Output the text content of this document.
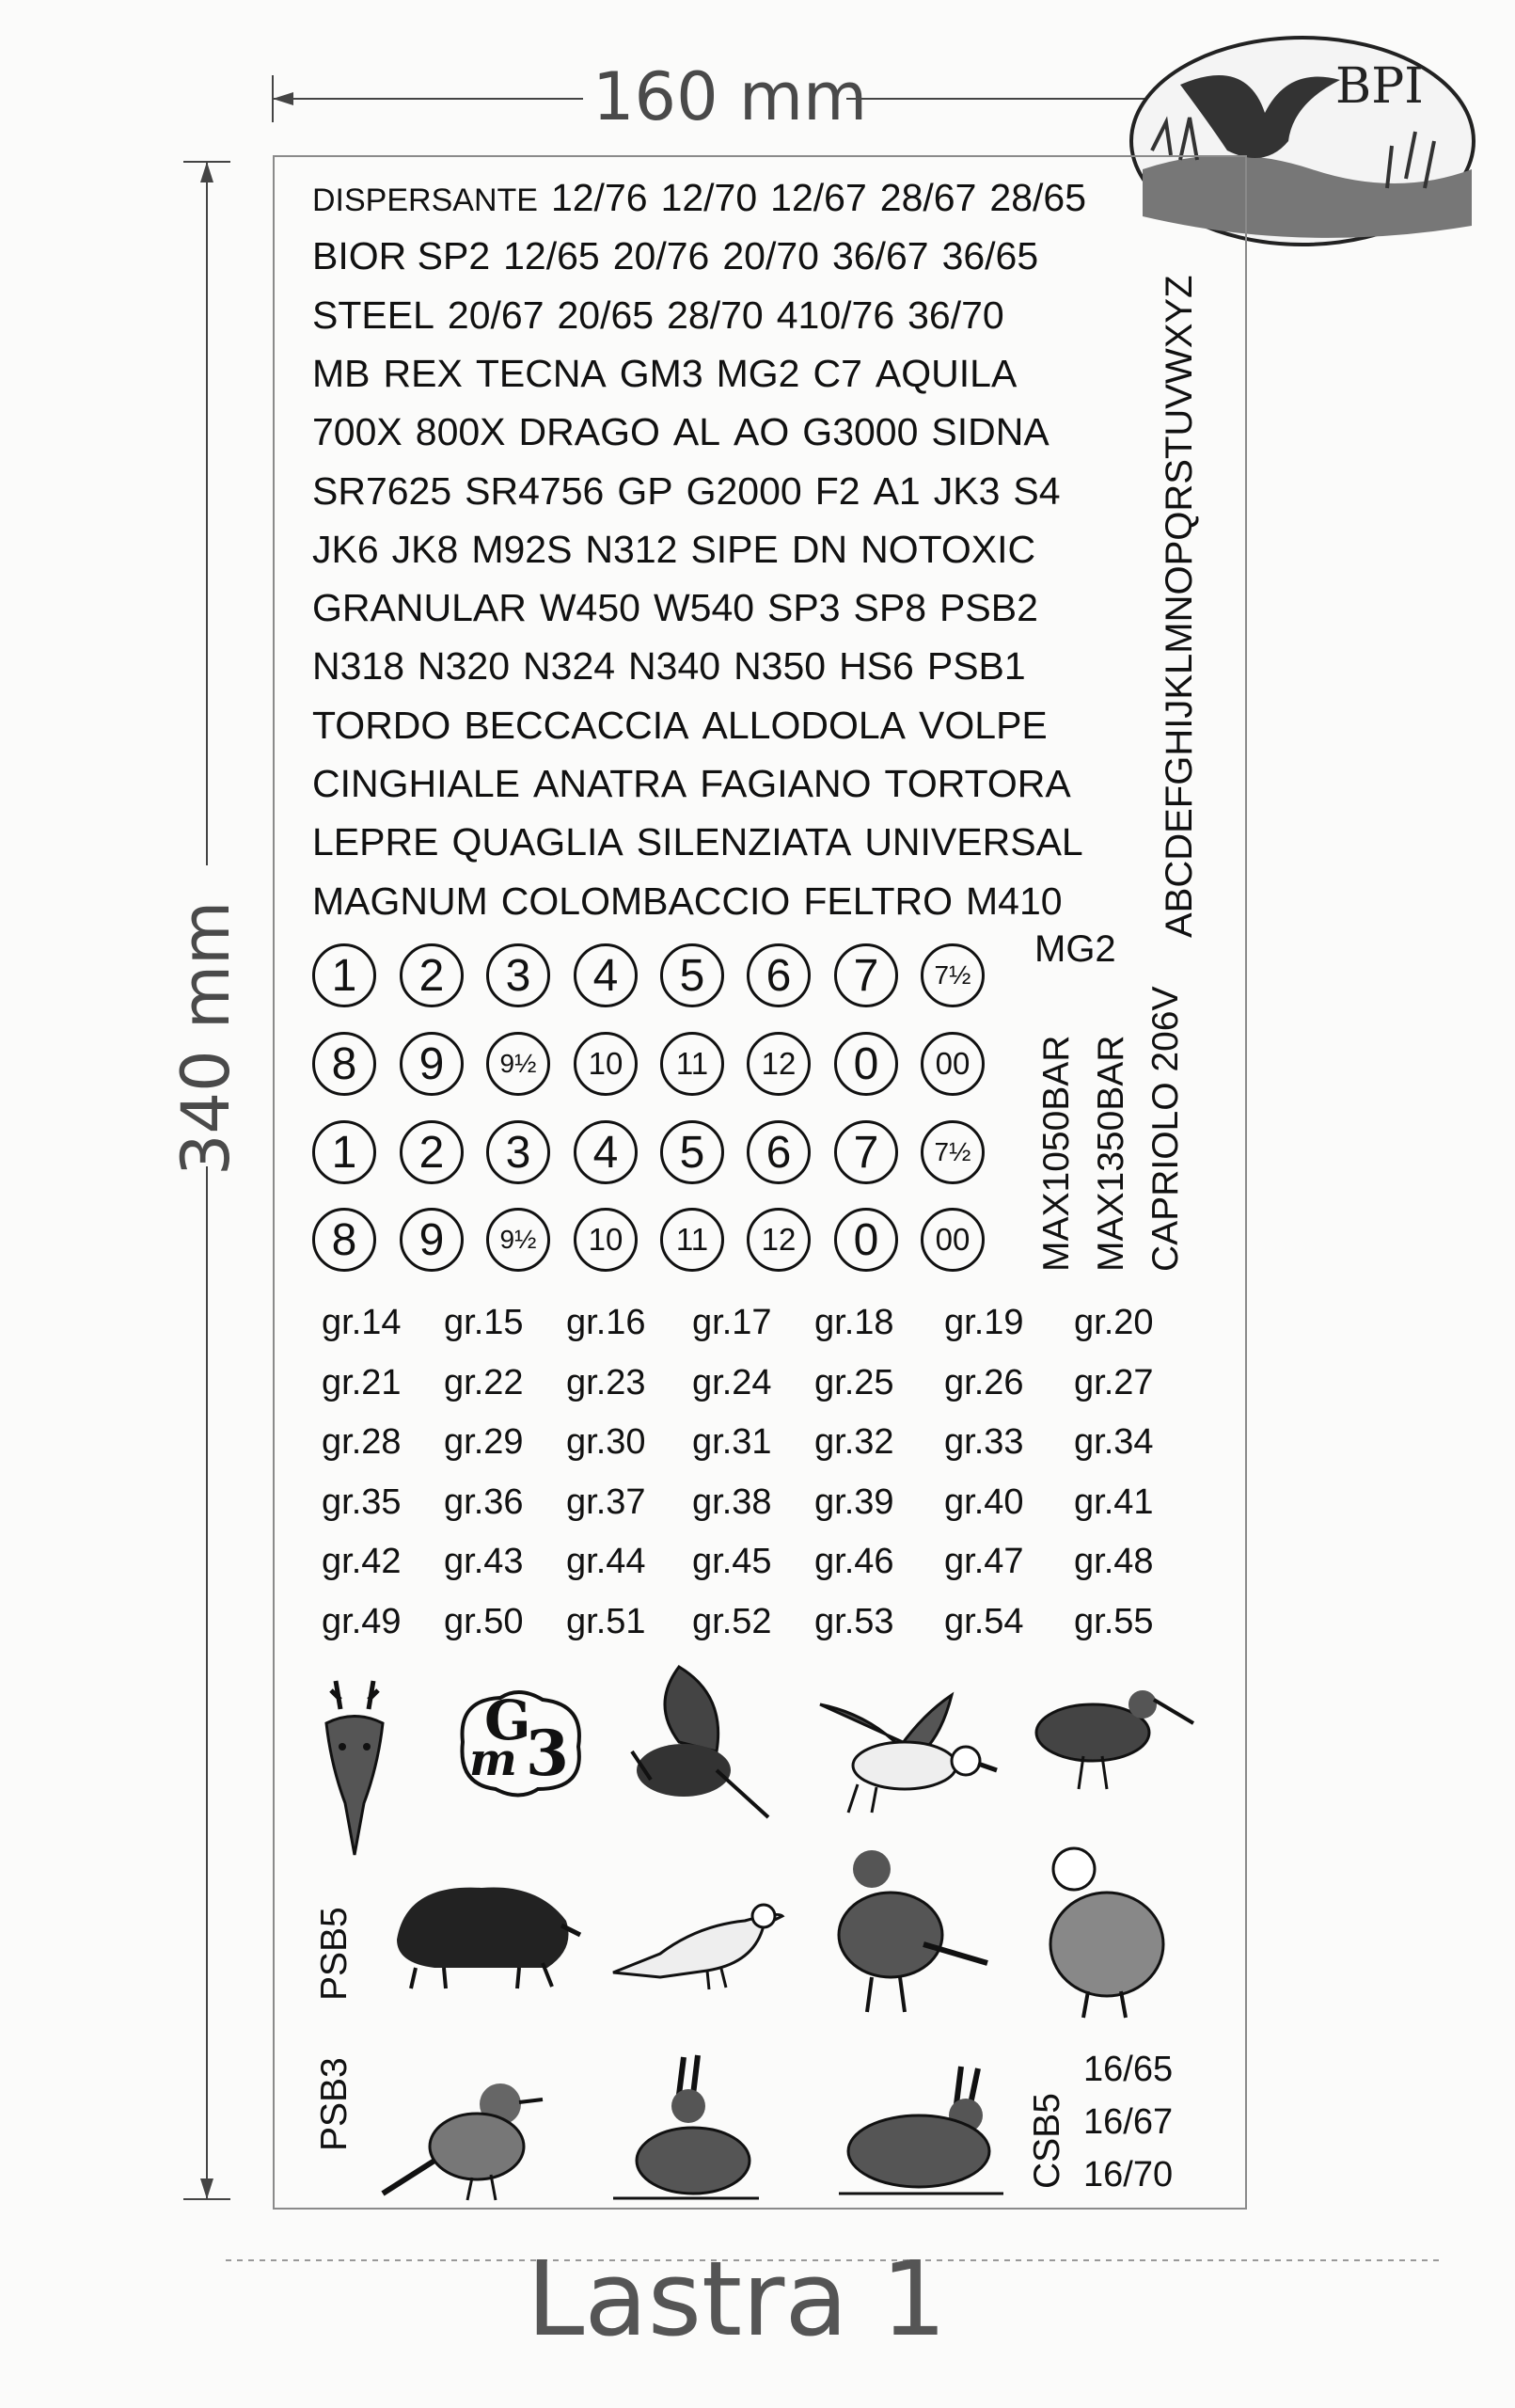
160 mm
340 mm
BPI
DISPERSANTE 12/76 12/70 12/67 28/67 28/65
BIOR SP2 12/65 20/76 20/70 36/67 36/65
STEEL 20/67 20/65 28/70 410/76 36/70
MB REX TECNA GM3 MG2 C7 AQUILA
700X 800X DRAGO AL AO G3000 SIDNA
SR7625 SR4756 GP G2000 F2 A1 JK3 S4
JK6 JK8 M92S N312 SIPE DN NOTOXIC
GRANULAR W450 W540 SP3 SP8 PSB2
N318 N320 N324 N340 N350 HS6 PSB1
TORDO BECCACCIA ALLODOLA VOLPE
CINGHIALE ANATRA FAGIANO TORTORA
LEPRE QUAGLIA SILENZIATA UNIVERSAL
MAGNUM COLOMBACCIO FELTRO M410	ABCDEFGHIJKLMNOPQRSTUVWXYZ
1	2	3	4	5	6	7	7½
8	9	9½	10	11	12	0	00
1	2	3	4	5	6	7	7½
8	9	9½	10	11	12	0	00
MG2
MAX1050BAR MAX1350BAR CAPRIOLO 206V
gr.14 gr.15 gr.16 gr.17 gr.18 gr.19 gr.20
gr.21 gr.22 gr.23 gr.24 gr.25 gr.26 gr.27
gr.28 gr.29 gr.30 gr.31 gr.32 gr.33 gr.34
gr.35 gr.36 gr.37 gr.38 gr.39 gr.40 gr.41
gr.42 gr.43 gr.44 gr.45 gr.46 gr.47 gr.48
gr.49 gr.50 gr.51 gr.52 gr.53 gr.54 gr.55
G
m 3
PSB5
PSB3	CSB5
16/65
16/67
16/70
Lastra 1
